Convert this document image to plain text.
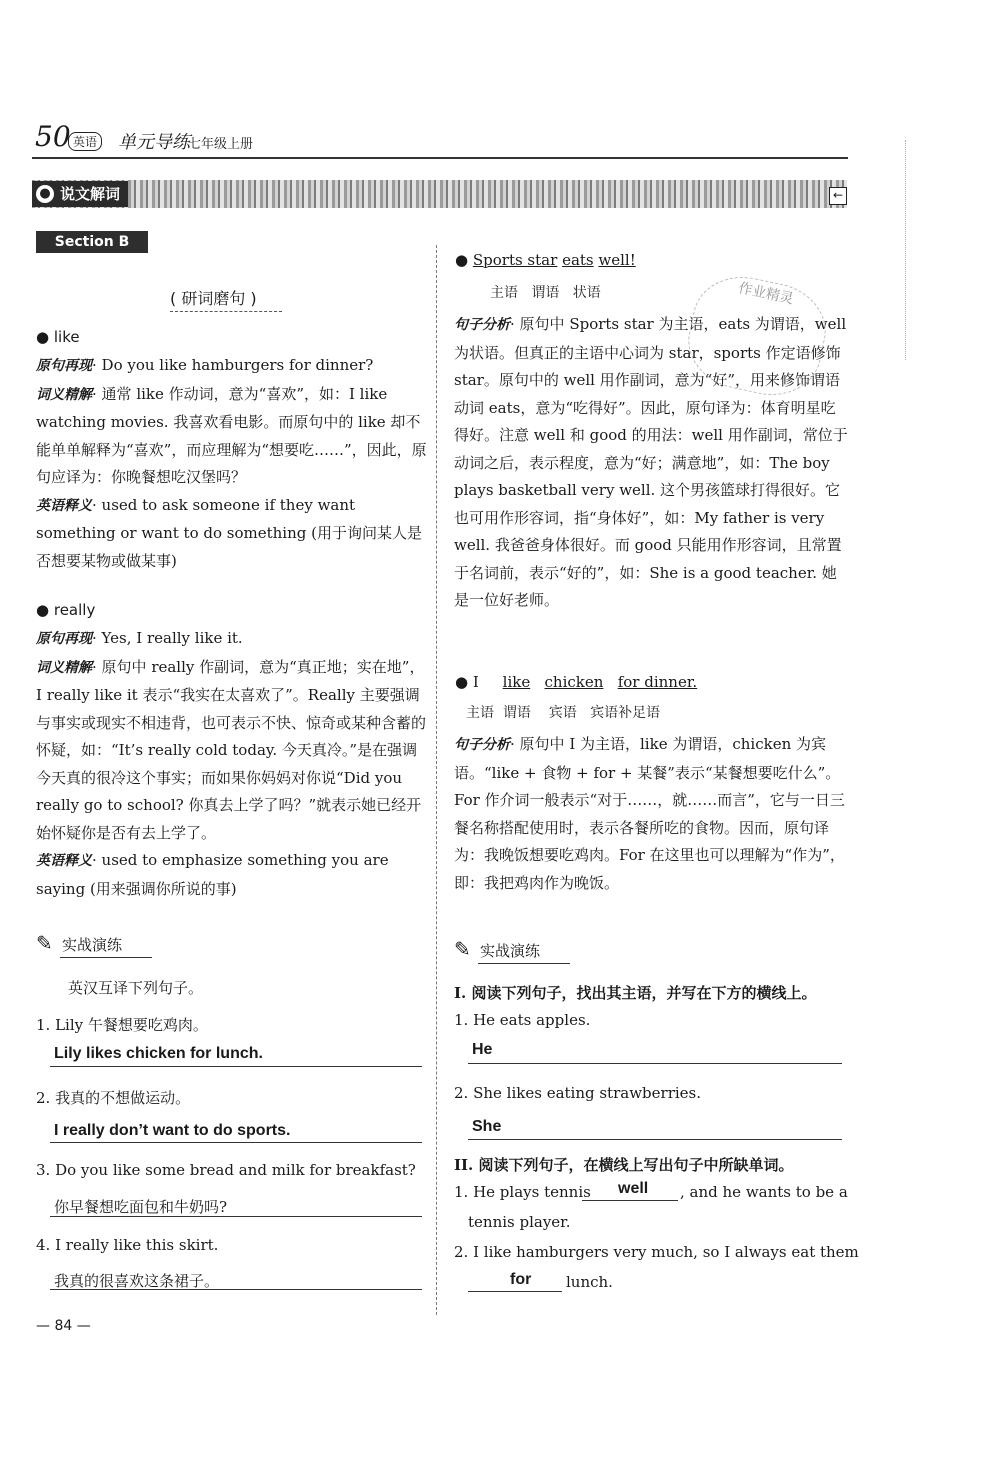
50 英语 单元导练
七年级上册
说文解词
●	←
Section B
( 研词磨句 )
● like
原句再现· Do you like hamburgers for dinner?
词义精解· 通常 like 作动词，意为“喜欢”，如：I like watching movies. 我喜欢看电影。而原句中的 like 却不能单单解释为“喜欢”，而应理解为“想要吃……”，因此，原句应译为：你晚餐想吃汉堡吗？
英语释义· used to ask someone if they want something or want to do something (用于询问某人是否想要某物或做某事)
● really
原句再现· Yes, I really like it.
词义精解· 原句中 really 作副词，意为“真正地；实在地”，I really like it 表示“我实在太喜欢了”。Really 主要强调与事实或现实不相违背，也可表示不快、惊奇或某种含蓄的怀疑，如：“It’s really cold today. 今天真冷。”是在强调今天真的很冷这个事实；而如果你妈妈对你说“Did you really go to school? 你真去上学了吗？”就表示她已经开始怀疑你是否有去上学了。
英语释义· used to emphasize something you are saying (用来强调你所说的事)
✎ 实战演练
英汉互译下列句子。
1. Lily 午餐想要吃鸡肉。
Lily likes chicken for lunch.
2. 我真的不想做运动。
I really don’t want to do sports.
3. Do you like some bread and milk for breakfast?
你早餐想吃面包和牛奶吗?
4. I really like this skirt.
我真的很喜欢这条裙子。
— 84 —
● Sports star eats well!
主语 谓语 状语
句子分析· 原句中 Sports star 为主语，eats 为谓语，well 为状语。但真正的主语中心词为 star，sports 作定语修饰 star。原句中的 well 用作副词，意为“好”，用来修饰谓语动词 eats，意为“吃得好”。因此，原句译为：体育明星吃得好。注意 well 和 good 的用法：well 用作副词，常位于动词之后，表示程度，意为“好；满意地”，如：The boy plays basketball very well. 这个男孩篮球打得很好。它也可用作形容词，指“身体好”，如：My father is very well. 我爸爸身体很好。而 good 只能用作形容词，且常置于名词前，表示“好的”，如：She is a good teacher. 她是一位好老师。
作业精灵
● I like chicken for dinner.
主语 谓语 宾语 宾语补足语
句子分析· 原句中 I 为主语，like 为谓语，chicken 为宾语。“like + 食物 + for + 某餐”表示“某餐想要吃什么”。For 作介词一般表示“对于……，就……而言”，它与一日三餐名称搭配使用时，表示各餐所吃的食物。因而，原句译为：我晚饭想要吃鸡肉。For 在这里也可以理解为“作为”，即：我把鸡肉作为晚饭。
✎ 实战演练
I. 阅读下列句子，找出其主语，并写在下方的横线上。
1. He eats apples.
He
2. She likes eating strawberries.
She
II. 阅读下列句子，在横线上写出句子中所缺单词。
1. He plays tennis well , and he wants to be a
tennis player.
2. I like hamburgers very much, so I always eat them
for lunch.
